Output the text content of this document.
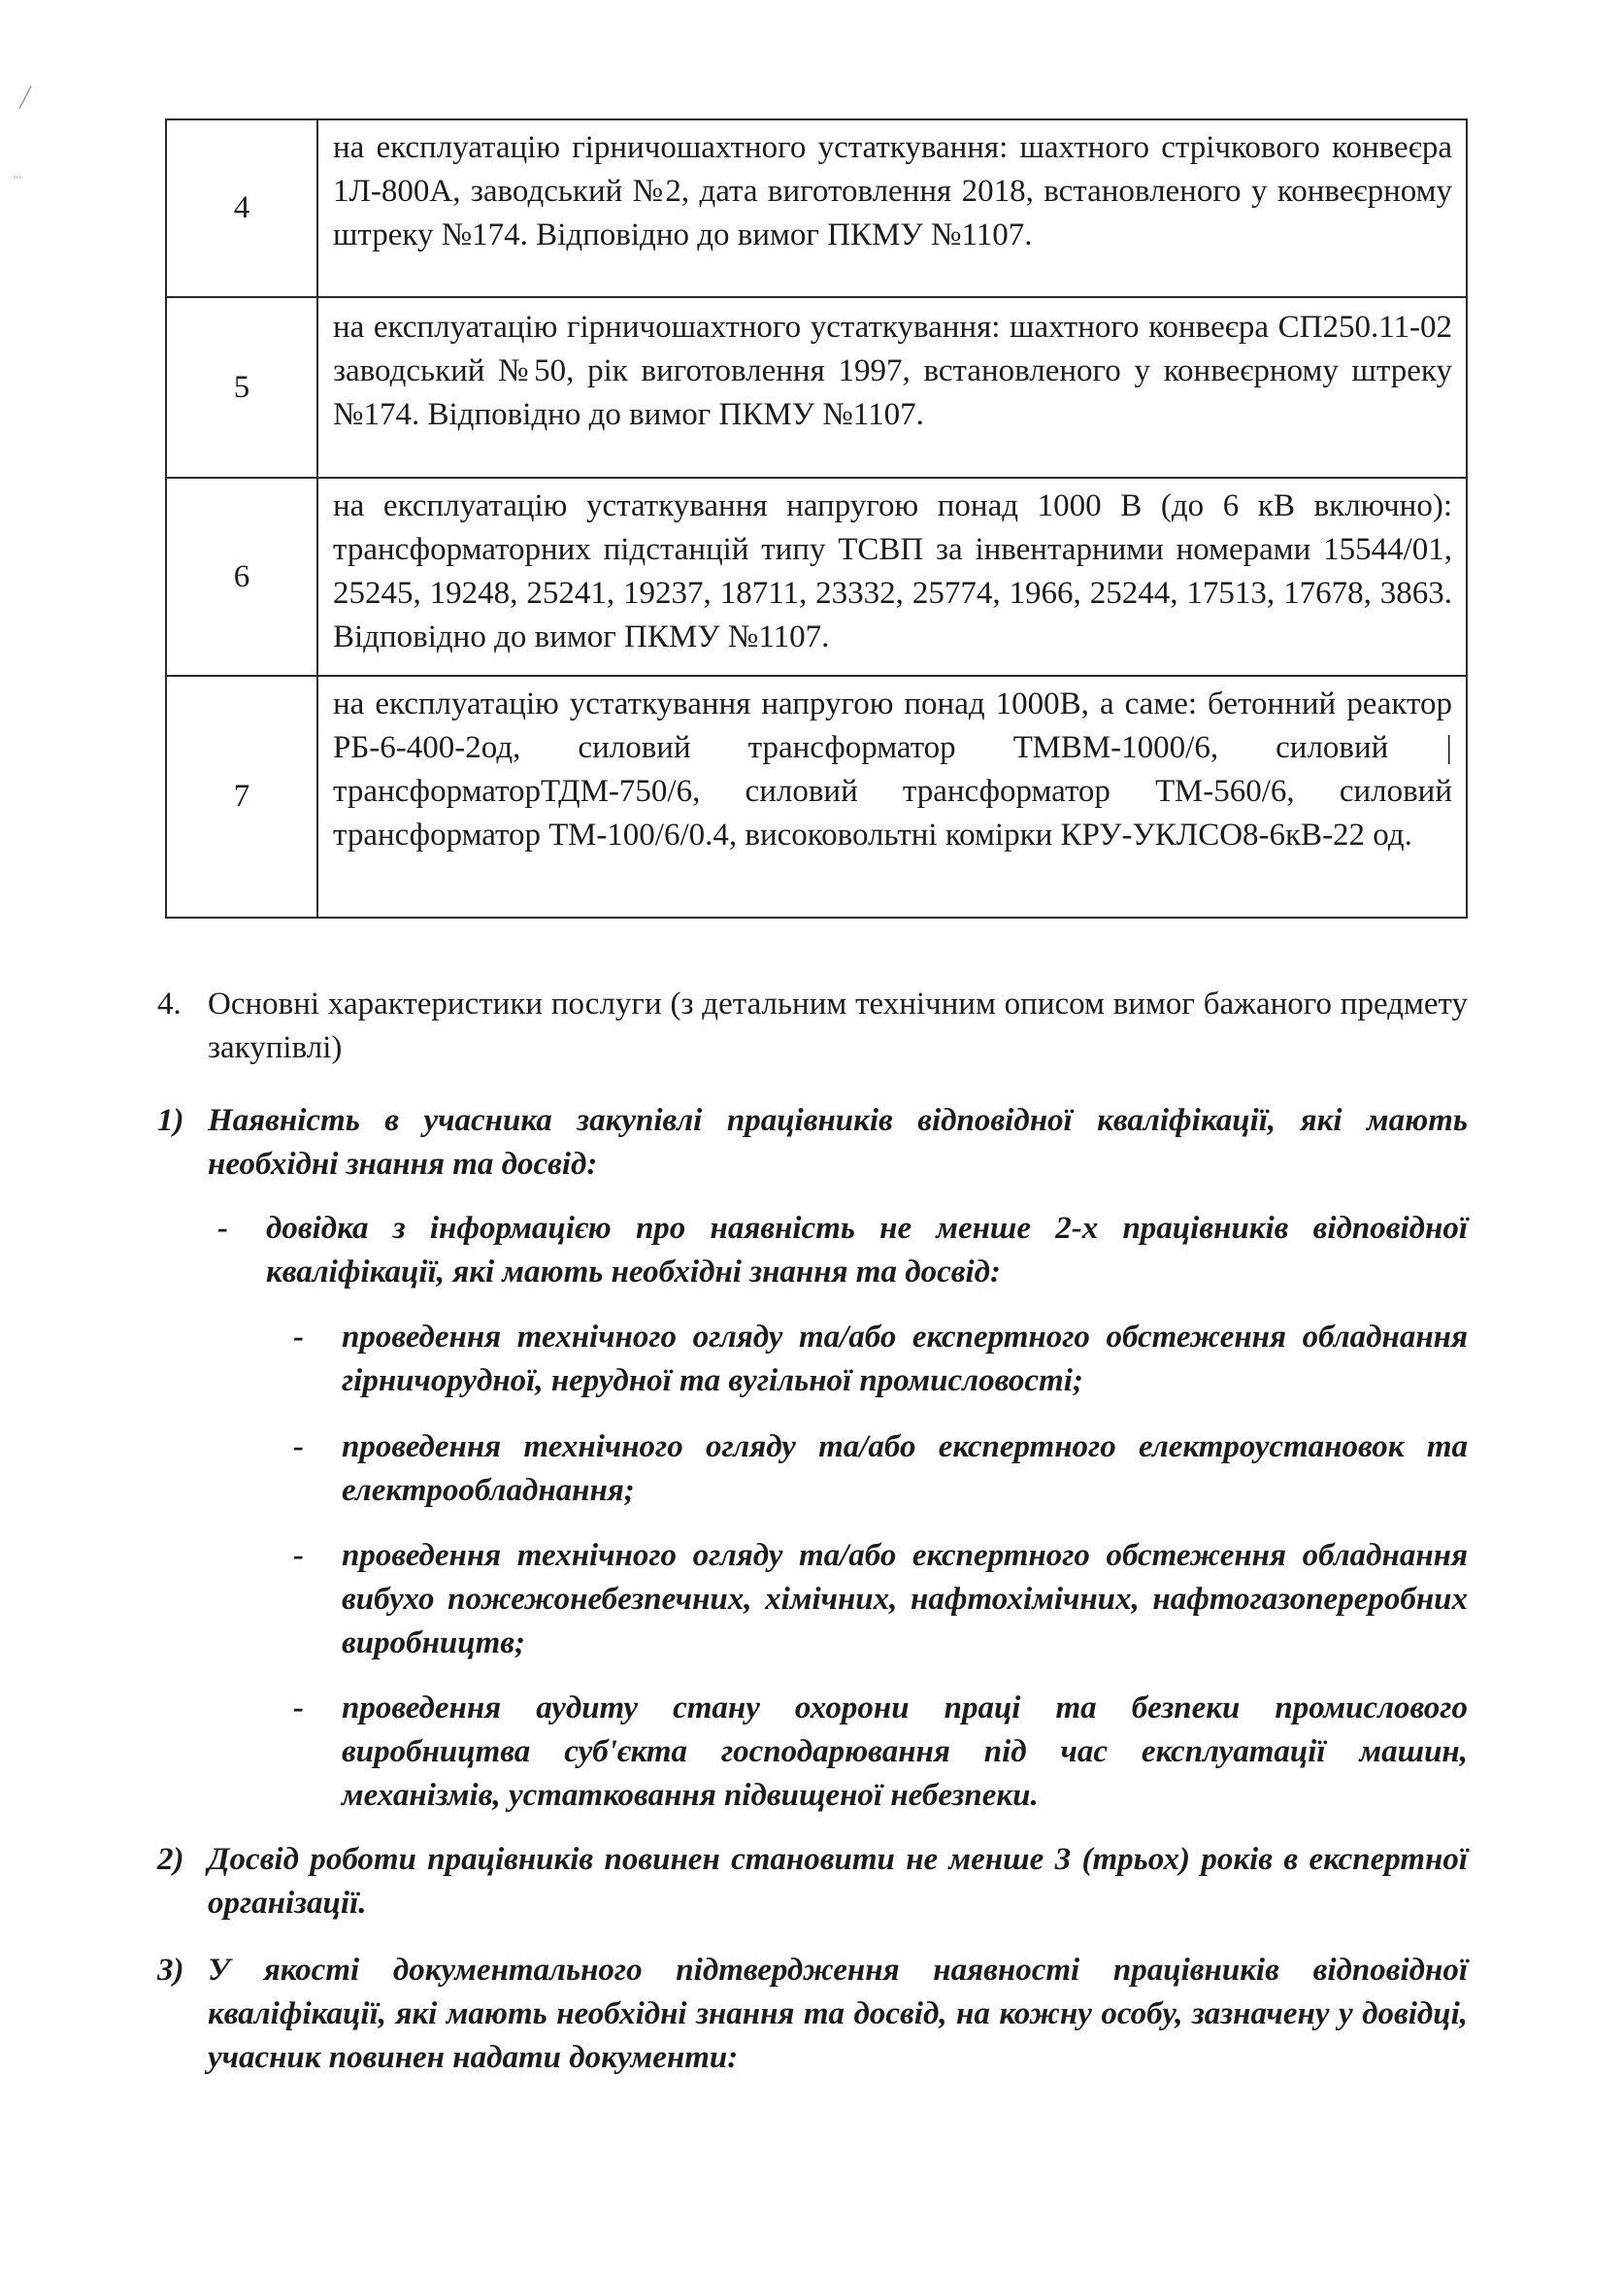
╱
˝˙
4	на експлуатацію гірничошахтного устаткування: шахтного стрічкового конвеєра 1Л-800А, заводський №2, дата виготовлення 2018, встановленого у конвеєрному штреку №174. Відповідно до вимог ПКМУ №1107.
5	на експлуатацію гірничошахтного устаткування: шахтного конвеєра СП250.11-02 заводський №50, рік виготовлення 1997, встановленого у конвеєрному штреку №174. Відповідно до вимог ПКМУ №1107.
6	на експлуатацію устаткування напругою понад 1000 В (до 6 кВ включно): трансформаторних підстанцій типу ТСВП за інвентарними номерами 15544/01, 25245, 19248, 25241, 19237, 18711, 23332, 25774, 1966, 25244, 17513, 17678, 3863. Відповідно до вимог ПКМУ №1107.
7	на експлуатацію устаткування напругою понад 1000В, а саме: бетонний реактор РБ-6-400-2од, силовий трансформатор ТМВМ-1000/6, силовий |трансформаторТДМ-750/6, силовий трансформатор ТМ-560/6, силовий трансформатор ТМ-100/6/0.4, високовольтні комірки КРУ-УКЛСО8-6кВ-22 од.
4. Основні характеристики послуги (з детальним технічним описом вимог бажаного предмету закупівлі)
1) Наявність в учасника закупівлі працівників відповідної кваліфікації, які мають необхідні знання та досвід:
- довідка з інформацією про наявність не менше 2-х працівників відповідної кваліфікації, які мають необхідні знання та досвід:
- проведення технічного огляду та/або експертного обстеження обладнання гірничорудної, нерудної та вугільної промисловості;
- проведення технічного огляду та/або експертного електроустановок та електрообладнання;
- проведення технічного огляду та/або експертного обстеження обладнання вибухо пожежонебезпечних, хімічних, нафтохімічних, нафтогазопереробних виробництв;
- проведення аудиту стану охорони праці та безпеки промислового виробництва суб'єкта господарювання під час експлуатації машин, механізмів, устатковання підвищеної небезпеки.
2) Досвід роботи працівників повинен становити не менше 3 (трьох) років в експертної організації.
3) У якості документального підтвердження наявності працівників відповідної кваліфікації, які мають необхідні знання та досвід, на кожну особу, зазначену у довідці, учасник повинен надати документи:
